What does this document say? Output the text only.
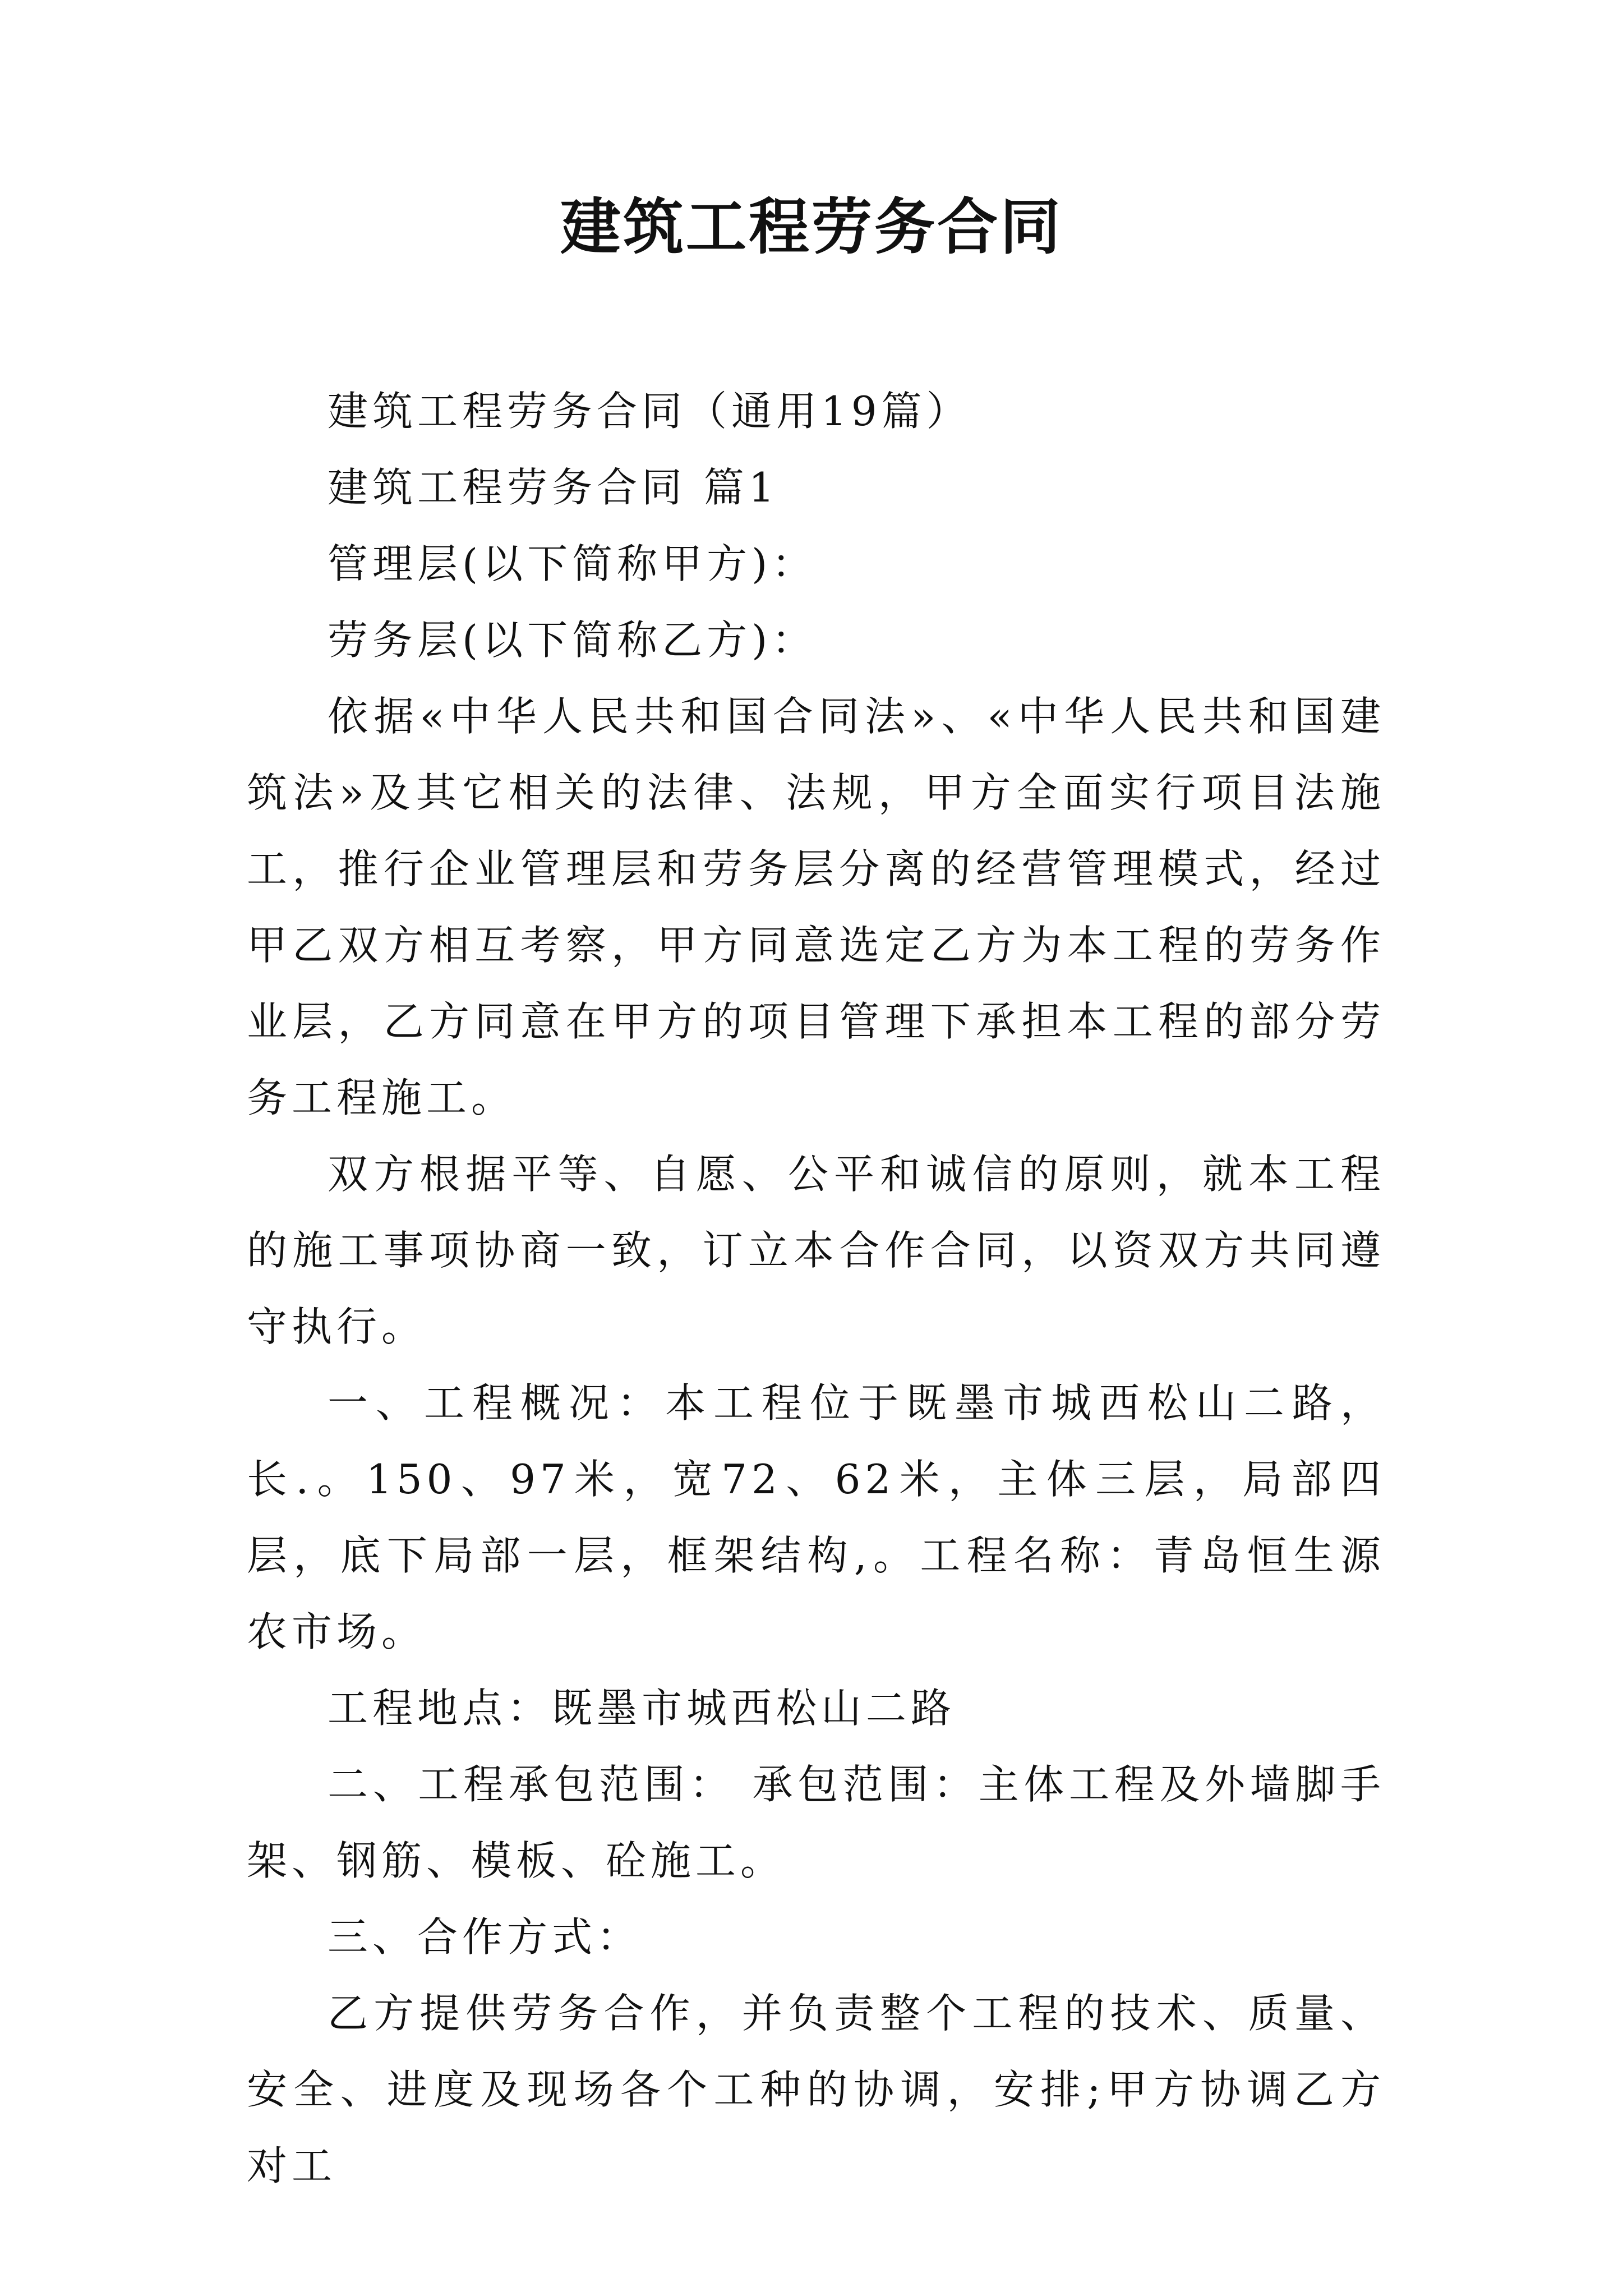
建筑工程劳务合同

建筑工程劳务合同（通用19篇）

建筑工程劳务合同 篇1

管理层(以下简称甲方)：

劳务层(以下简称乙方)：

依据«中华人民共和国合同法»、«中华人民共和国建筑法»及其它相关的法律、法规，甲方全面实行项目法施工，推行企业管理层和劳务层分离的经营管理模式，经过甲乙双方相互考察，甲方同意选定乙方为本工程的劳务作业层，乙方同意在甲方的项目管理下承担本工程的部分劳务工程施工。

双方根据平等、自愿、公平和诚信的原则，就本工程的施工事项协商一致，订立本合作合同，以资双方共同遵守执行。

一、工程概况：本工程位于既墨市城西松山二路，长.。150、97米，宽72、62米，主体三层，局部四层，底下局部一层，框架结构,。工程名称：青岛恒生源农市场。

工程地点：既墨市城西松山二路

二、工程承包范围： 承包范围：主体工程及外墙脚手架、钢筋、模板、砼施工。

三、合作方式：

乙方提供劳务合作，并负责整个工程的技术、质量、安全、进度及现场各个工种的协调，安排;甲方协调乙方对工
